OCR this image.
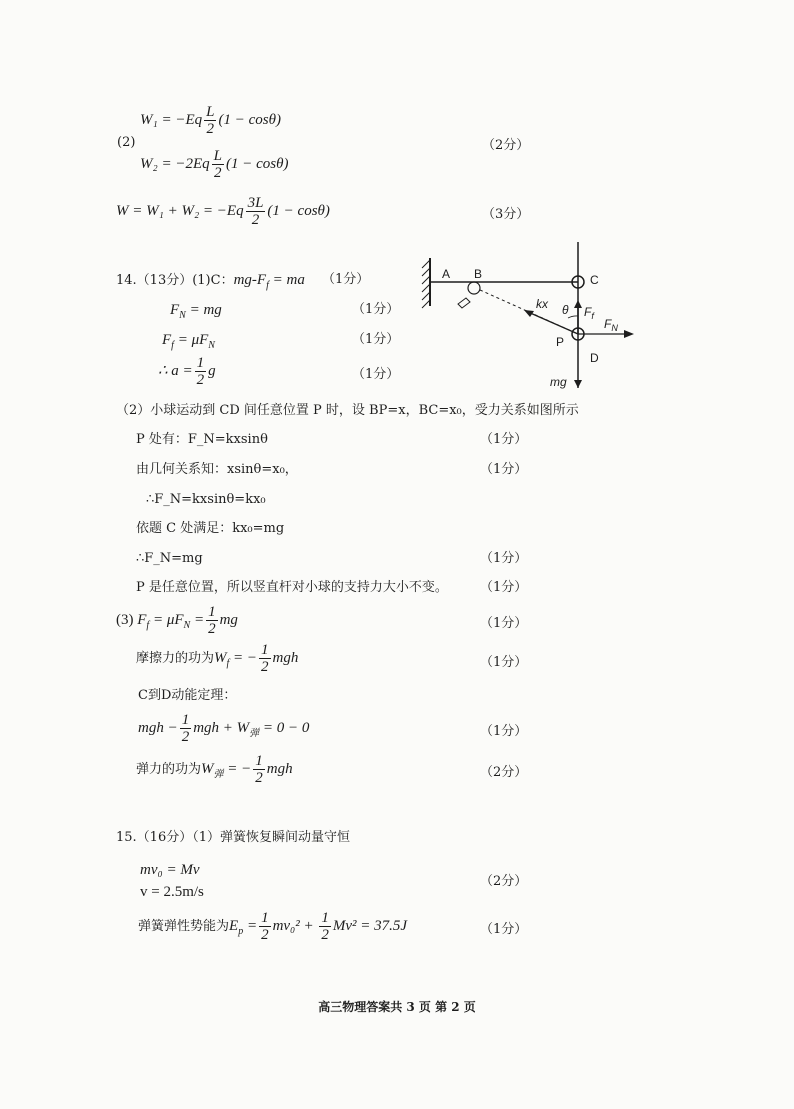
(2)
$W_1 = -Eq \frac{L}{2} (1 - \cos\theta)$
$W_2 = -2Eq \frac{L}{2} (1 - \cos\theta)$
（2分）
$W = W_1 + W_2 = -Eq \frac{3L}{2} (1 - \cos\theta)$	（3分）
14.（13分）(1)C：$mg-F_f$ = ma （1分）
$F_N$ = mg	（1分）
$F_f = \mu F_N$	（1分）
∴ $a = \frac{1}{2}$ g	（1分）
A B	C
D
P
kx θ $F_f$
$F_N$
mg
（2）小球运动到 CD 间任意位置 P 时，设 BP=x，BC=x₀，受力关系如图所示
P 处有：F_N=kxsinθ	（1分）
由几何关系知：xsinθ=x₀，	（1分）
∴F_N=kxsinθ=kx₀
依题 C 处满足：kx₀=mg
∴F_N=mg	（1分）
P 是任意位置，所以竖直杆对小球的支持力大小不变。 （1分）
(3) $F_f = \mu F_N = \frac{1}{2}$ mg	（1分）
摩擦力的功为$W_f$ = − $\frac{1}{2}$ mgh	（1分）
C到D动能定理：
mgh − $\frac{1}{2}$ mgh + $W_弹 = 0 - 0$	（1分）
弹力的功为$W_弹$ = − $\frac{1}{2}$ mgh	（2分）
15.（16分）（1）弹簧恢复瞬间动量守恒
mv₀ = Mv
v = 2.5m/s
（2分）
弹簧弹性势能为$E_p = \frac{1}{2} mv_0^2 + \frac{1}{2} Mv^2 = 37.5J$	（1分）
高三物理答案共 3 页 第 2 页
